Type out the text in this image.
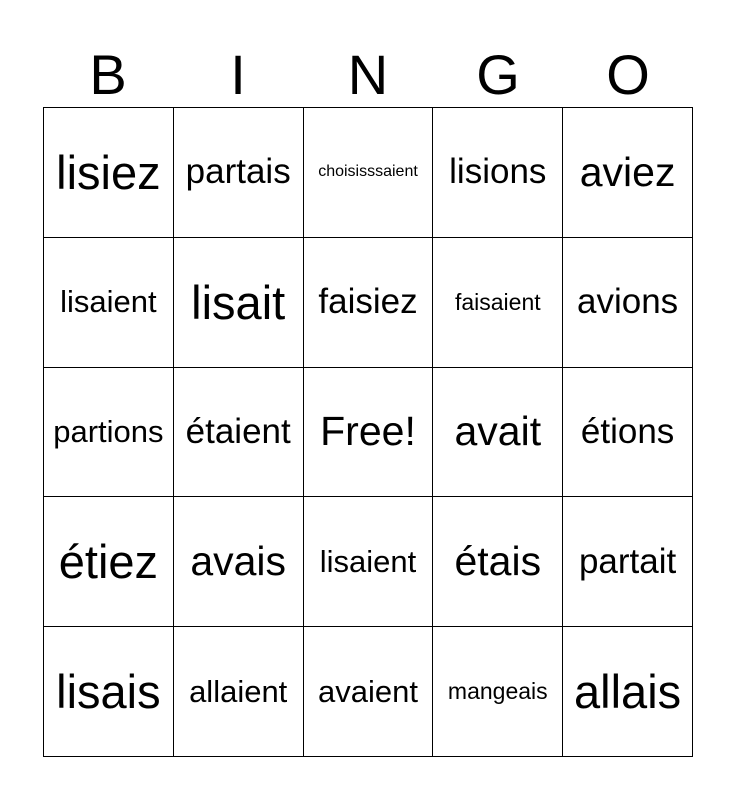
B	I	N	G	O
lisiez partais choisisssaient lisions aviez
lisaient lisait faisiez faisaient avions
partions étaient Free! avait étions
étiez avais lisaient étais partait
lisais allaient avaient mangeais allais
